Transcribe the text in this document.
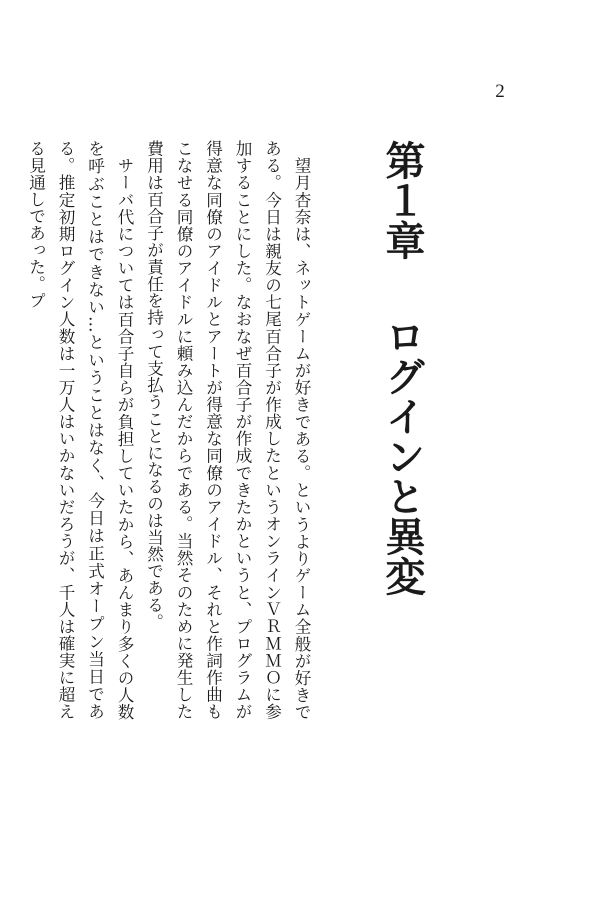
2
第１章ログインと異変

望月杏奈は、ネットゲームが好きである。というよりゲーム全般が好きである。今日は親友の七尾百合子が作成したというオンラインＶＲＭＭＯに参加することにした。なおなぜ百合子が作成できたかというと、プログラムが得意な同僚のアイドルとアートが得意な同僚のアイドル、それと作詞作曲もこなせる同僚のアイドルに頼み込んだからである。当然そのために発生した費用は百合子が責任を持って支払うことになるのは当然である。

サーバ代については百合子自らが負担していたから、あんまり多くの人数を呼ぶことはできない…ということはなく、今日は正式オープン当日である。推定初期ログイン人数は一万人はいかないだろうが、千人は確実に超える見通しであった。プ
